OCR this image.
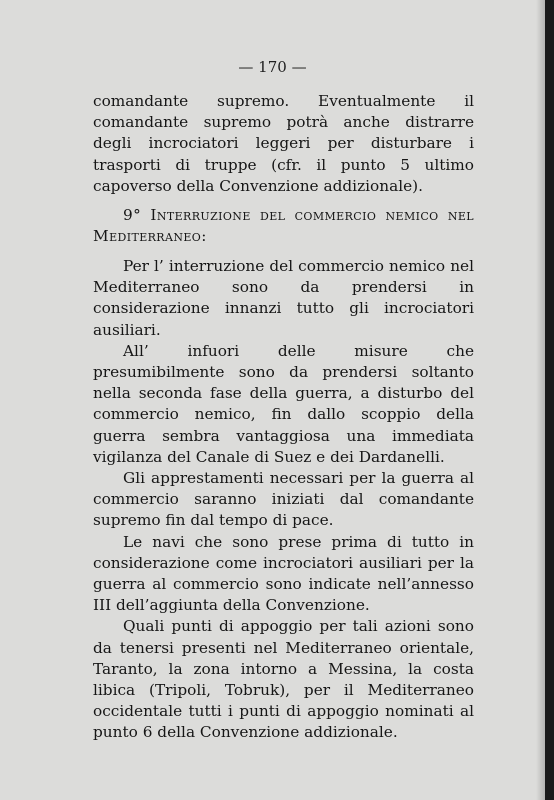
— 170 —

comandante supremo. Eventualmente il comandante supremo potrà anche distrarre degli incrociatori leggeri per disturbare i trasporti di truppe (cfr. il punto 5 ultimo capoverso della Convenzione addizionale).

9° Interruzione del commercio nemico nel Mediterraneo:

Per l’ interruzione del commercio nemico nel Mediterraneo sono da prendersi in considerazione innanzi tutto gli incrociatori ausiliari.

All’ infuori delle misure che presumibilmente sono da prendersi soltanto nella seconda fase della guerra, a disturbo del commercio nemico, fin dallo scoppio della guerra sembra vantaggiosa una immediata vigilanza del Canale di Suez e dei Dardanelli.

Gli apprestamenti necessari per la guerra al commercio saranno iniziati dal comandante supremo fin dal tempo di pace.

Le navi che sono prese prima di tutto in considerazione come incrociatori ausiliari per la guerra al commercio sono indicate nell’annesso III dell’aggiunta della Convenzione.

Quali punti di appoggio per tali azioni sono da tenersi presenti nel Mediterraneo orientale, Taranto, la zona intorno a Messina, la costa libica (Tripoli, Tobruk), per il Mediterraneo occidentale tutti i punti di appoggio nominati al punto 6 della Convenzione addizionale.
